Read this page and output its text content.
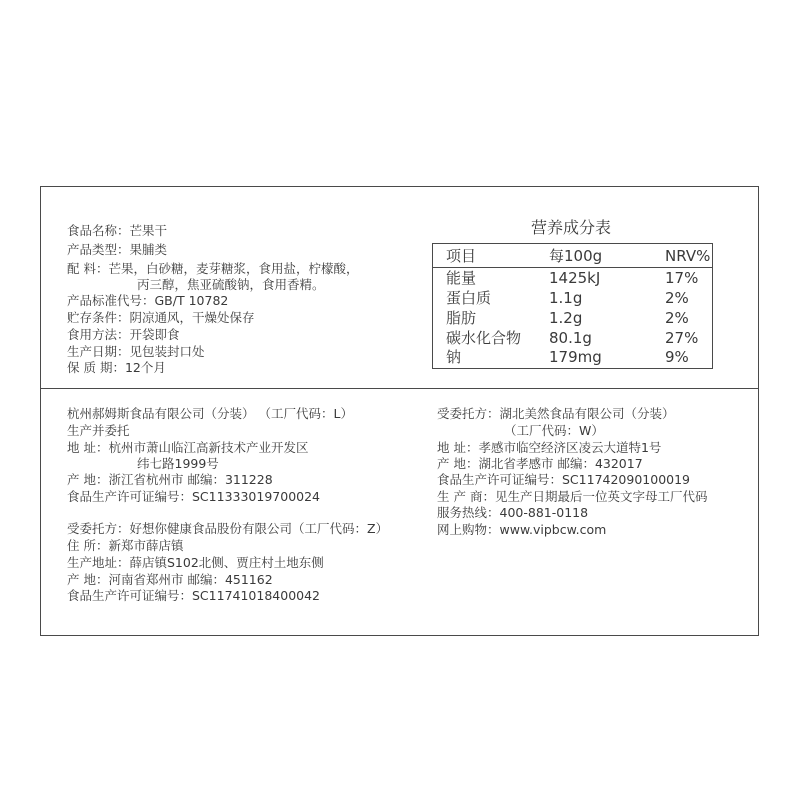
食品名称：芒果干
产品类型：果脯类
配 料：芒果，白砂糖，麦芽糖浆，食用盐，柠檬酸，
丙三醇，焦亚硫酸钠，食用香精。
产品标准代号：GB/T 10782
贮存条件：阴凉通风，干燥处保存
食用方法：开袋即食
生产日期：见包装封口处
保 质 期：12个月
营养成分表
项目	每100g	NRV%
能量	1425kJ	17%
蛋白质	1.1g	2%
脂肪	1.2g	2%
碳水化合物 80.1g	27%
钠	179mg	9%
杭州郝姆斯食品有限公司（分装） （工厂代码：L）
生产并委托
地 址：杭州市萧山临江高新技术产业开发区
纬七路1999号
产 地：浙江省杭州市 邮编：311228
食品生产许可证编号：SC11333019700024
受委托方：好想你健康食品股份有限公司（工厂代码：Z）
住 所：新郑市薛店镇
生产地址：薛店镇S102北侧、贾庄村土地东侧
产 地：河南省郑州市 邮编：451162
食品生产许可证编号：SC11741018400042
受委托方：湖北美然食品有限公司（分装）
（工厂代码：W）
地 址：孝感市临空经济区凌云大道特1号
产 地：湖北省孝感市 邮编：432017
食品生产许可证编号：SC11742090100019
生 产 商：见生产日期最后一位英文字母工厂代码
服务热线：400-881-0118
网上购物：www.vipbcw.com
